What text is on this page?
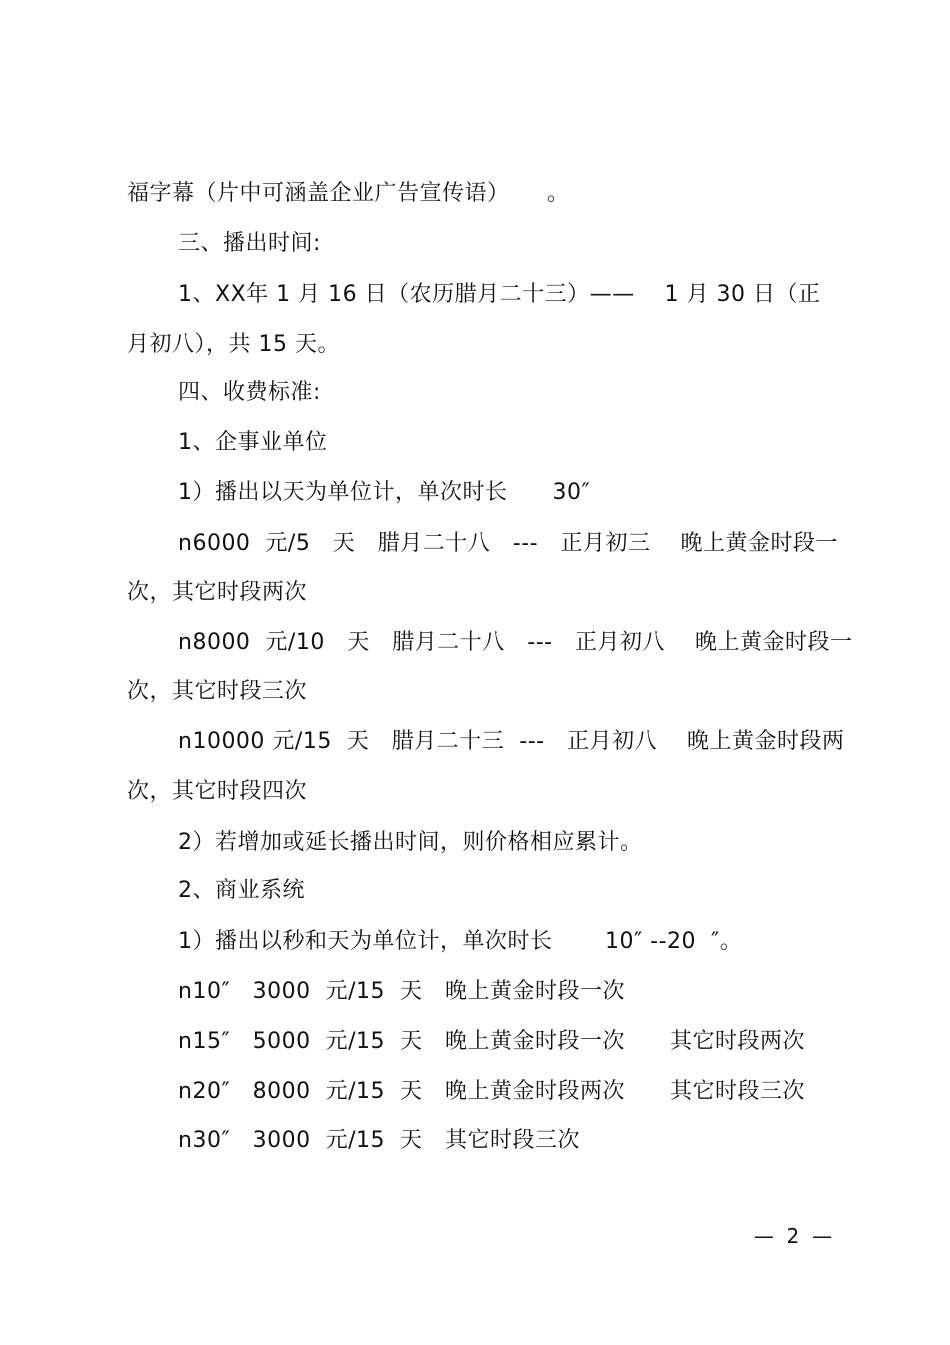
福字幕（片中可涵盖企业广告宣传语）     。
三、播出时间:
1、XX年 1 月 16 日（农历腊月二十三）——    1 月 30 日（正
月初八），共 15 天。
四、收费标准:
1、企事业单位
1）播出以天为单位计，单次时长      30″
n6000  元/5   天   腊月二十八   ---   正月初三    晚上黄金时段一
次，其它时段两次
n8000  元/10   天   腊月二十八   ---   正月初八    晚上黄金时段一
次，其它时段三次
n10000 元/15  天   腊月二十三  ---   正月初八    晚上黄金时段两
次，其它时段四次
2）若增加或延长播出时间，则价格相应累计。
2、商业系统
1）播出以秒和天为单位计，单次时长       10″ --20  ″。
n10″   3000  元/15  天   晚上黄金时段一次
n15″   5000  元/15  天   晚上黄金时段一次      其它时段两次
n20″   8000  元/15  天   晚上黄金时段两次      其它时段三次
n30″   3000  元/15  天   其它时段三次
—  2  —
